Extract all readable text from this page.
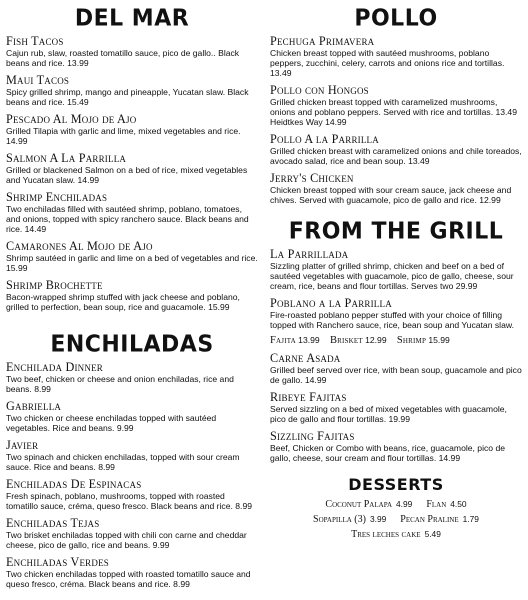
DEL MAR
Fish Tacos
Cajun rub, slaw, roasted tomatillo sauce, pico de gallo.. Black beans and rice. 13.99
Maui Tacos
Spicy grilled shrimp, mango and pineapple, Yucatan slaw. Black beans and rice. 15.49
Pescado Al Mojo de Ajo
Grilled Tilapia with garlic and lime, mixed vegetables and rice. 14.99
Salmon A La Parrilla
Grilled or blackened Salmon on a bed of rice, mixed vegetables and Yucatan slaw. 14.99
Shrimp Enchiladas
Two enchiladas filled with sautéed shrimp, poblano, tomatoes, and onions, topped with spicy ranchero sauce. Black beans and rice. 14.49
Camarones Al Mojo de Ajo
Shrimp sautéed in garlic and lime on a bed of vegetables and rice. 15.99
Shrimp Brochette
Bacon-wrapped shrimp stuffed with jack cheese and poblano, grilled to perfection, bean soup, rice and guacamole. 15.99
ENCHILADAS
Enchilada Dinner
Two beef, chicken or cheese and onion enchiladas, rice and beans. 8.99
Gabriella
Two chicken or cheese enchiladas topped with sautéed vegetables. Rice and beans. 9.99
Javier
Two spinach and chicken enchiladas, topped with sour cream sauce. Rice and beans. 8.99
Enchiladas De Espinacas
Fresh spinach, poblano, mushrooms, topped with roasted tomatillo sauce, créma, queso fresco. Black beans and rice. 8.99
Enchiladas Tejas
Two brisket enchiladas topped with chili con carne and cheddar cheese, pico de gallo, rice and beans. 9.99
Enchiladas Verdes
Two chicken enchiladas topped with roasted tomatillo sauce and queso fresco, créma. Black beans and rice. 8.99
POLLO
Pechuga Primavera
Chicken breast topped with sautéed mushrooms, poblano peppers, zucchini, celery, carrots and onions rice and tortillas. 13.49
Pollo con Hongos
Grilled chicken breast topped with caramelized mushrooms, onions and poblano peppers. Served with rice and tortillas. 13.49 Heidtkes Way 14.99
Pollo A la Parrilla
Grilled chicken breast with caramelized onions and chile toreados, avocado salad, rice and bean soup. 13.49
Jerry's Chicken
Chicken breast topped with sour cream sauce, jack cheese and chives. Served with guacamole, pico de gallo and rice. 12.99
FROM THE GRILL
La Parrillada
Sizzling platter of grilled shrimp, chicken and beef on a bed of sautéed vegetables with guacamole, pico de gallo, cheese, sour cream, rice, beans and flour tortillas. Serves two 29.99
Poblano a la Parrilla
Fire-roasted poblano pepper stuffed with your choice of filling topped with Ranchero sauce, rice, bean soup and Yucatan slaw.
Fajita 13.99 Brisket 12.99 Shrimp 15.99
Carne Asada
Grilled beef served over rice, with bean soup, guacamole and pico de gallo. 14.99
Ribeye Fajitas
Served sizzling on a bed of mixed vegetables with guacamole, pico de gallo and flour tortillas. 19.99
Sizzling Fajitas
Beef, Chicken or Combo with beans, rice, guacamole, pico de gallo, cheese, sour cream and flour tortillas. 14.99
DESSERTS
Coconut Palapa 4.99 Flan 4.50
Sopapilla (3) 3.99 Pecan Praline 1.79
Tres leches cake 5.49
